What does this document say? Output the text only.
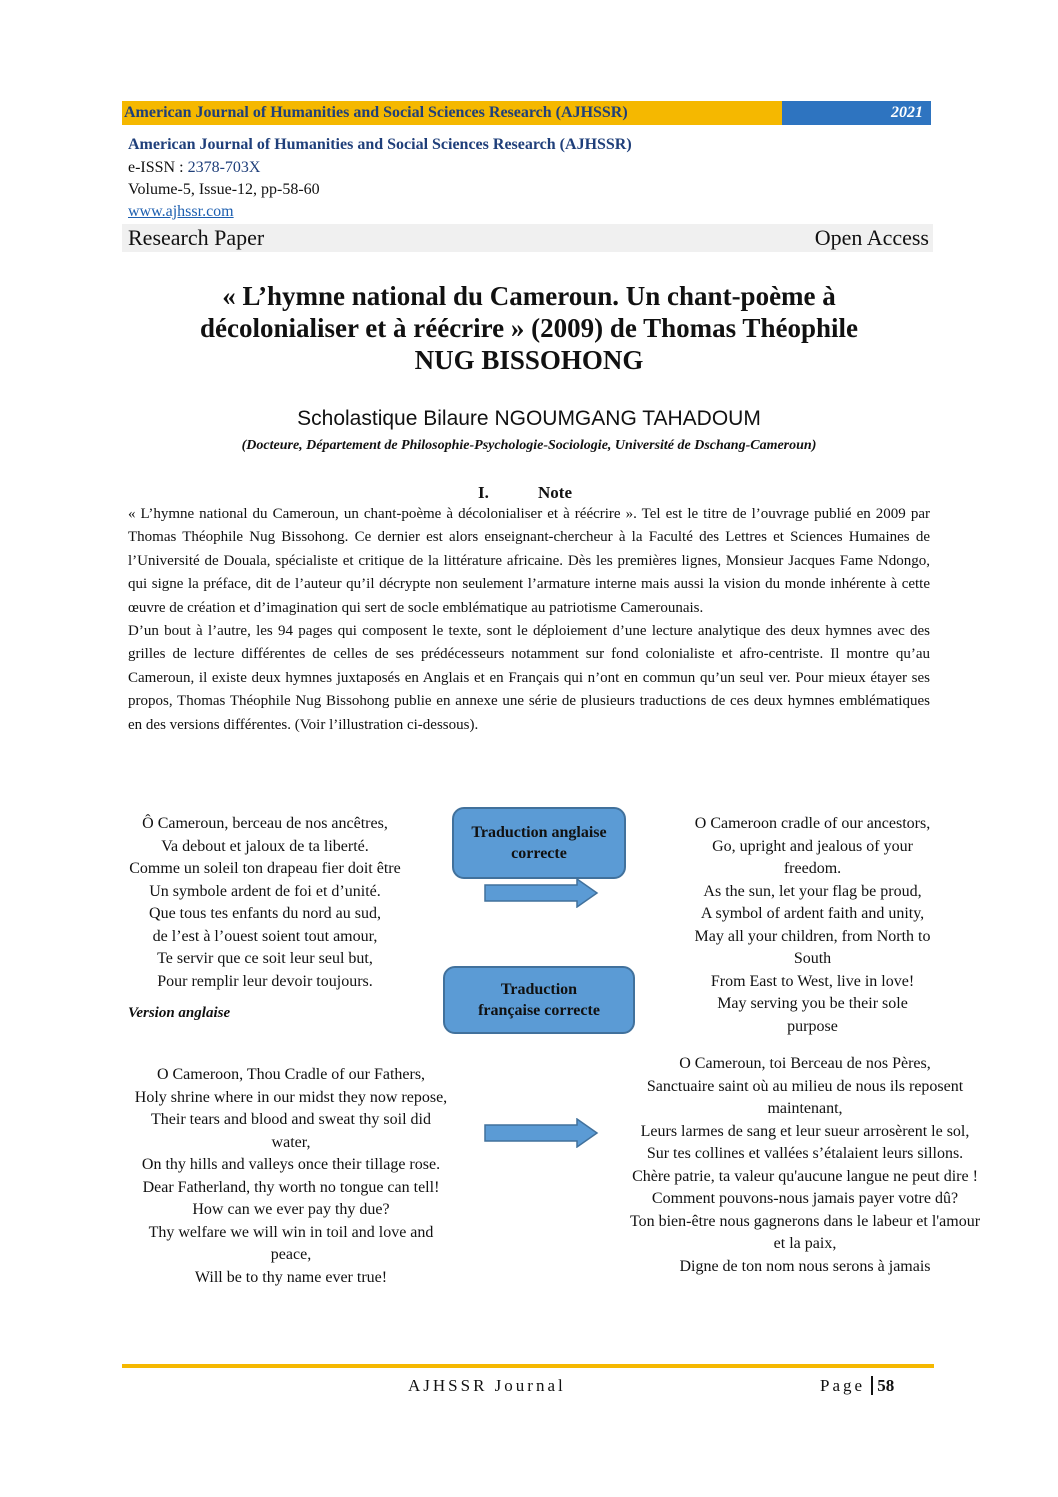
American Journal of Humanities and Social Sciences Research (AJHSSR)	2021
American Journal of Humanities and Social Sciences Research (AJHSSR)
e-ISSN : 2378-703X
Volume-5, Issue-12, pp-58-60
www.ajhssr.com
Research Paper	Open Access
« L’hymne national du Cameroun. Un chant-poème à
décolonialiser et à réécrire » (2009) de Thomas Théophile
NUG BISSOHONG
Scholastique Bilaure NGOUMGANG TAHADOUM
(Docteure, Département de Philosophie-Psychologie-Sociologie, Université de Dschang-Cameroun)
I.	Note

« L’hymne national du Cameroun, un chant-poème à décolonialiser et à réécrire ». Tel est le titre de l’ouvrage publié en 2009 par Thomas Théophile Nug Bissohong. Ce dernier est alors enseignant-chercheur à la Faculté des Lettres et Sciences Humaines de l’Université de Douala, spécialiste et critique de la littérature africaine. Dès les premières lignes, Monsieur Jacques Fame Ndongo, qui signe la préface, dit de l’auteur qu’il décrypte non seulement l’armature interne mais aussi la vision du monde inhérente à cette œuvre de création et d’imagination qui sert de socle emblématique au patriotisme Camerounais.

D’un bout à l’autre, les 94 pages qui composent le texte, sont le déploiement d’une lecture analytique des deux hymnes avec des grilles de lecture différentes de celles de ses prédécesseurs notamment sur fond colonialiste et afro-centriste. Il montre qu’au Cameroun, il existe deux hymnes juxtaposés en Anglais et en Français qui n’ont en commun qu’un seul ver. Pour mieux étayer ses propos, Thomas Théophile Nug Bissohong publie en annexe une série de plusieurs traductions de ces deux hymnes emblématiques en des versions différentes. (Voir l’illustration ci-dessous).

Ô Cameroun, berceau de nos ancêtres,
Va debout et jaloux de ta liberté.
Comme un soleil ton drapeau fier doit être
Un symbole ardent de foi et d’unité.
Que tous tes enfants du nord au sud,
de l’est à l’ouest soient tout amour,
Te servir que ce soit leur seul but,
Pour remplir leur devoir toujours.
Traduction anglaise
correcte
Traduction
française correcte
O Cameroon cradle of our ancestors,
Go, upright and jealous of your
freedom.
As the sun, let your flag be proud,
A symbol of ardent faith and unity,
May all your children, from North to
South
From East to West, live in love!
May serving you be their sole
purpose
Version anglaise
O Cameroon, Thou Cradle of our Fathers,
Holy shrine where in our midst they now repose,
Their tears and blood and sweat thy soil did
water,
On thy hills and valleys once their tillage rose.
Dear Fatherland, thy worth no tongue can tell!
How can we ever pay thy due?
Thy welfare we will win in toil and love and
peace,
Will be to thy name ever true!
O Cameroun, toi Berceau de nos Pères,
Sanctuaire saint où au milieu de nous ils reposent
maintenant,
Leurs larmes de sang et leur sueur arrosèrent le sol,
Sur tes collines et vallées s’étalaient leurs sillons.
Chère patrie, ta valeur qu'aucune langue ne peut dire !
Comment pouvons-nous jamais payer votre dû?
Ton bien-être nous gagnerons dans le labeur et l'amour
et la paix,
Digne de ton nom nous serons à jamais
AJHSSR Journal	Page 58
